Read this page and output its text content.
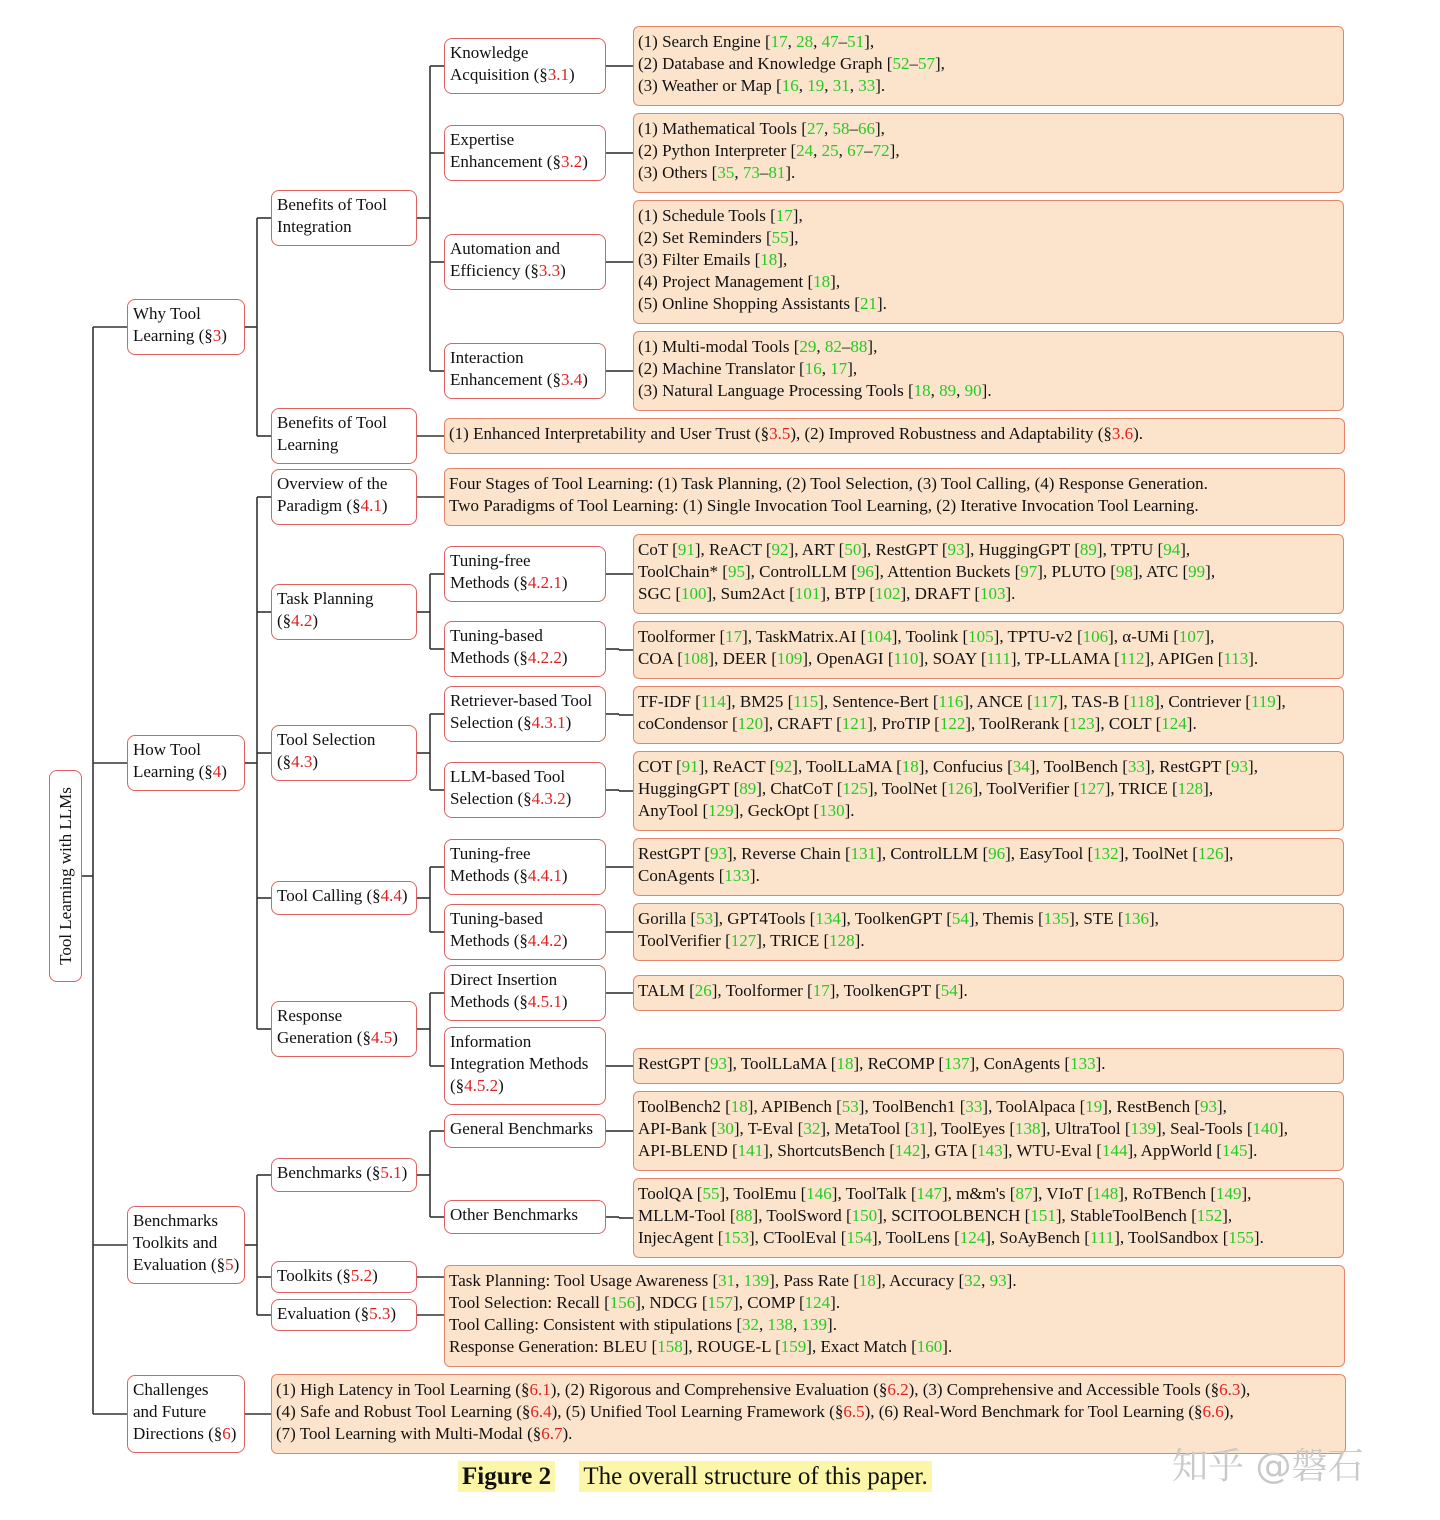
Tool Learning with LLMs
Why Tool
Learning (§3)
How Tool
Learning (§4)
Benchmarks
Toolkits and
Evaluation (§5)
Challenges
and Future
Directions (§6)
Benefits of Tool
Integration
Benefits of Tool
Learning
Overview of the
Paradigm (§4.1)
Task Planning
(§4.2)
Tool Selection
(§4.3)
Tool Calling (§4.4)
Response
Generation (§4.5)
Benchmarks (§5.1)
Toolkits (§5.2)
Evaluation (§5.3)
Knowledge
Acquisition (§3.1)
Expertise
Enhancement (§3.2)
Automation and
Efficiency (§3.3)
Interaction
Enhancement (§3.4)
Tuning-free
Methods (§4.2.1)
Tuning-based
Methods (§4.2.2)
Retriever-based Tool
Selection (§4.3.1)
LLM-based Tool
Selection (§4.3.2)
Tuning-free
Methods (§4.4.1)
Tuning-based
Methods (§4.4.2)
Direct Insertion
Methods (§4.5.1)
Information
Integration Methods
(§4.5.2)
General Benchmarks
Other Benchmarks
(1) Search Engine [17, 28, 47–51],
(2) Database and Knowledge Graph [52–57],
(3) Weather or Map [16, 19, 31, 33].
(1) Mathematical Tools [27, 58–66],
(2) Python Interpreter [24, 25, 67–72],
(3) Others [35, 73–81].
(1) Schedule Tools [17],
(2) Set Reminders [55],
(3) Filter Emails [18],
(4) Project Management [18],
(5) Online Shopping Assistants [21].
(1) Multi-modal Tools [29, 82–88],
(2) Machine Translator [16, 17],
(3) Natural Language Processing Tools [18, 89, 90].
(1) Enhanced Interpretability and User Trust (§3.5), (2) Improved Robustness and Adaptability (§3.6).
Four Stages of Tool Learning: (1) Task Planning, (2) Tool Selection, (3) Tool Calling, (4) Response Generation.
Two Paradigms of Tool Learning: (1) Single Invocation Tool Learning, (2) Iterative Invocation Tool Learning.
CoT [91], ReACT [92], ART [50], RestGPT [93], HuggingGPT [89], TPTU [94],
ToolChain* [95], ControlLLM [96], Attention Buckets [97], PLUTO [98], ATC [99],
SGC [100], Sum2Act [101], BTP [102], DRAFT [103].
Toolformer [17], TaskMatrix.AI [104], Toolink [105], TPTU-v2 [106], α-UMi [107],
COA [108], DEER [109], OpenAGI [110], SOAY [111], TP-LLAMA [112], APIGen [113].
TF-IDF [114], BM25 [115], Sentence-Bert [116], ANCE [117], TAS-B [118], Contriever [119],
coCondensor [120], CRAFT [121], ProTIP [122], ToolRerank [123], COLT [124].
COT [91], ReACT [92], ToolLLaMA [18], Confucius [34], ToolBench [33], RestGPT [93],
HuggingGPT [89], ChatCoT [125], ToolNet [126], ToolVerifier [127], TRICE [128],
AnyTool [129], GeckOpt [130].
RestGPT [93], Reverse Chain [131], ControlLLM [96], EasyTool [132], ToolNet [126],
ConAgents [133].
Gorilla [53], GPT4Tools [134], ToolkenGPT [54], Themis [135], STE [136],
ToolVerifier [127], TRICE [128].
TALM [26], Toolformer [17], ToolkenGPT [54].
RestGPT [93], ToolLLaMA [18], ReCOMP [137], ConAgents [133].
ToolBench2 [18], APIBench [53], ToolBench1 [33], ToolAlpaca [19], RestBench [93],
API-Bank [30], T-Eval [32], MetaTool [31], ToolEyes [138], UltraTool [139], Seal-Tools [140],
API-BLEND [141], ShortcutsBench [142], GTA [143], WTU-Eval [144], AppWorld [145].
ToolQA [55], ToolEmu [146], ToolTalk [147], m&m's [87], VIoT [148], RoTBench [149],
MLLM-Tool [88], ToolSword [150], SCITOOLBENCH [151], StableToolBench [152],
InjecAgent [153], CToolEval [154], ToolLens [124], SoAyBench [111], ToolSandbox [155].
Task Planning: Tool Usage Awareness [31, 139], Pass Rate [18], Accuracy [32, 93].
Tool Selection: Recall [156], NDCG [157], COMP [124].
Tool Calling: Consistent with stipulations [32, 138, 139].
Response Generation: BLEU [158], ROUGE-L [159], Exact Match [160].
(1) High Latency in Tool Learning (§6.1), (2) Rigorous and Comprehensive Evaluation (§6.2), (3) Comprehensive and Accessible Tools (§6.3),
(4) Safe and Robust Tool Learning (§6.4), (5) Unified Tool Learning Framework (§6.5), (6) Real-Word Benchmark for Tool Learning (§6.6),
(7) Tool Learning with Multi-Modal (§6.7).
Figure 2 The overall structure of this paper.	知乎 @磐石
